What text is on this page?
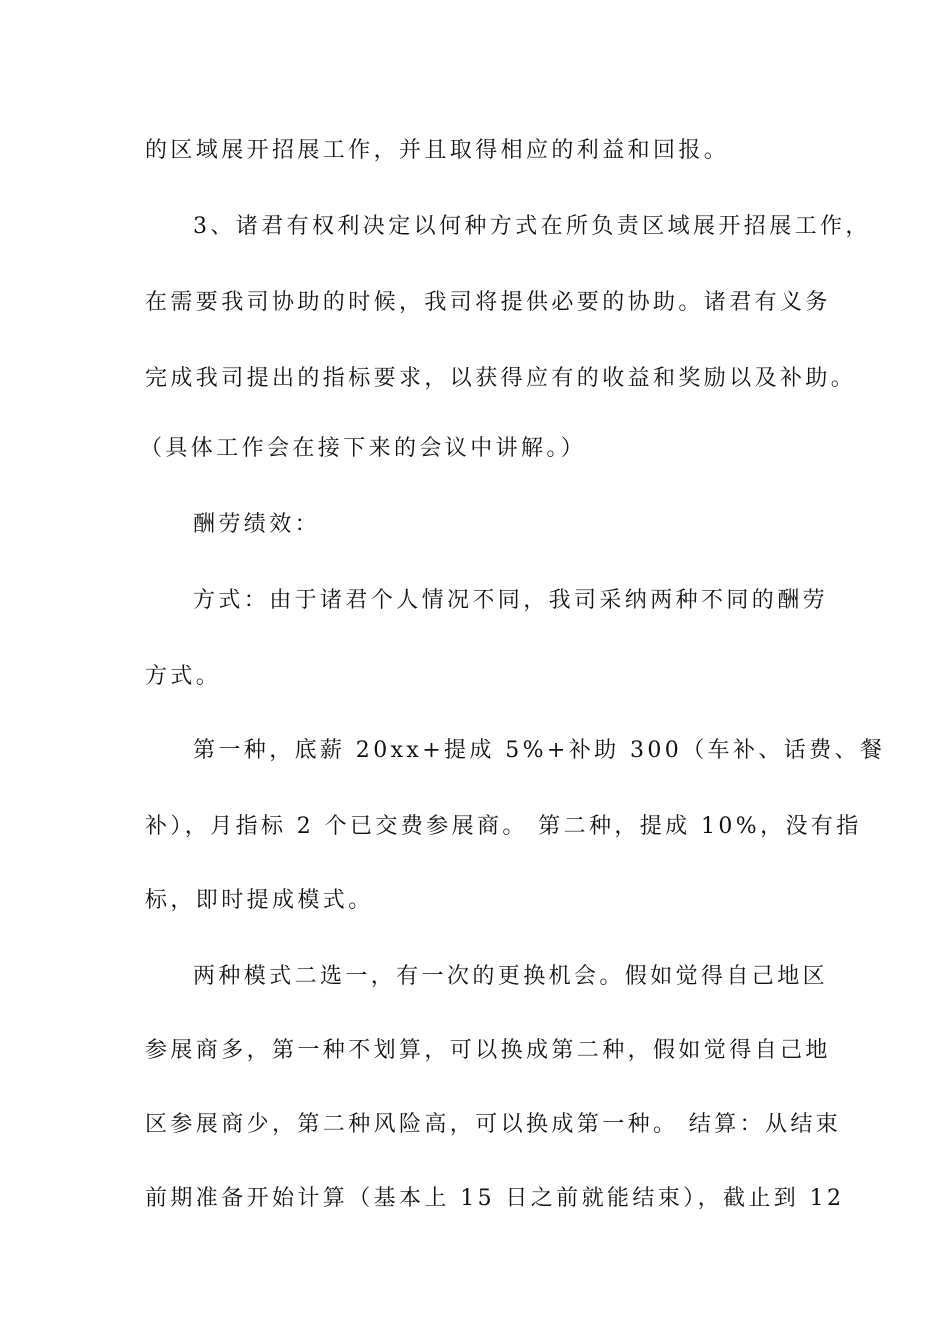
的区域展开招展工作，并且取得相应的利益和回报。
3、诸君有权利决定以何种方式在所负责区域展开招展工作，
在需要我司协助的时候，我司将提供必要的协助。诸君有义务
完成我司提出的指标要求，以获得应有的收益和奖励以及补助。
（具体工作会在接下来的会议中讲解。）
酬劳绩效：
方式：由于诸君个人情况不同，我司采纳两种不同的酬劳
方式。
第一种，底薪 20xx+提成 5%+补助 300（车补、话费、餐
补），月指标 2 个已交费参展商。 第二种，提成 10%，没有指
标，即时提成模式。
两种模式二选一，有一次的更换机会。假如觉得自己地区
参展商多，第一种不划算，可以换成第二种，假如觉得自己地
区参展商少，第二种风险高，可以换成第一种。 结算：从结束
前期准备开始计算（基本上 15 日之前就能结束），截止到 12
